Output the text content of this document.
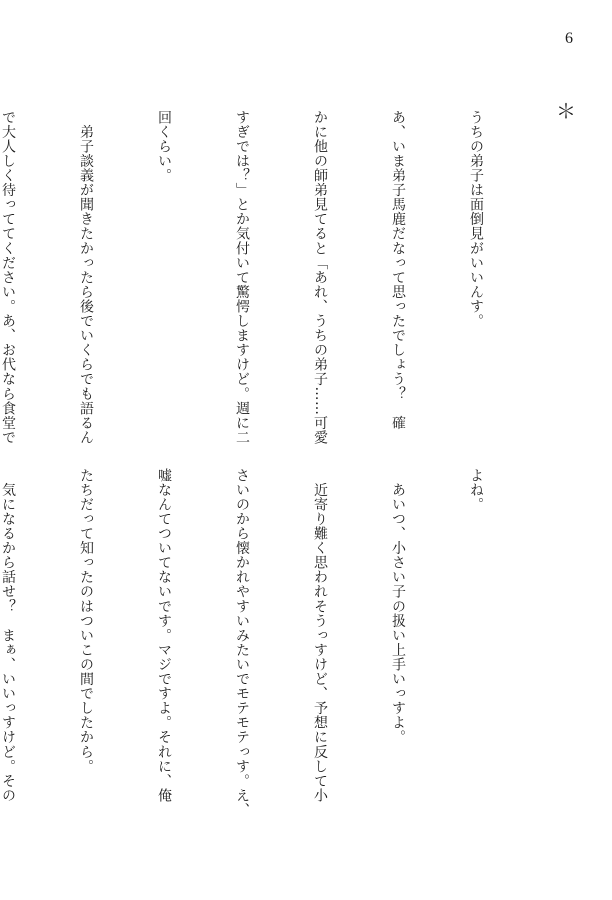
6
＊

うちの弟子は面倒見がいいんす。

あ、いま弟子馬鹿だなって思ったでしょう？　確

かに他の師弟見てると「あれ、うちの弟子……可愛

すぎでは？」とか気付いて驚愕しますけど。週に二

回くらい。

　弟子談義が聞きたかったら後でいくらでも語るん

で大人しく待っててください。あ、お代なら食堂で

よね。

　あいつ、小さい子の扱い上手いっすよ。

　近寄り難く思われそうっすけど、予想に反して小

さいのから懐かれやすいみたいでモテモテっす。え、

嘘なんてついてないです。マジですよ。それに、俺

たちだって知ったのはついこの間でしたから。

　気になるから話せ？　まぁ、いいっすけど。その
